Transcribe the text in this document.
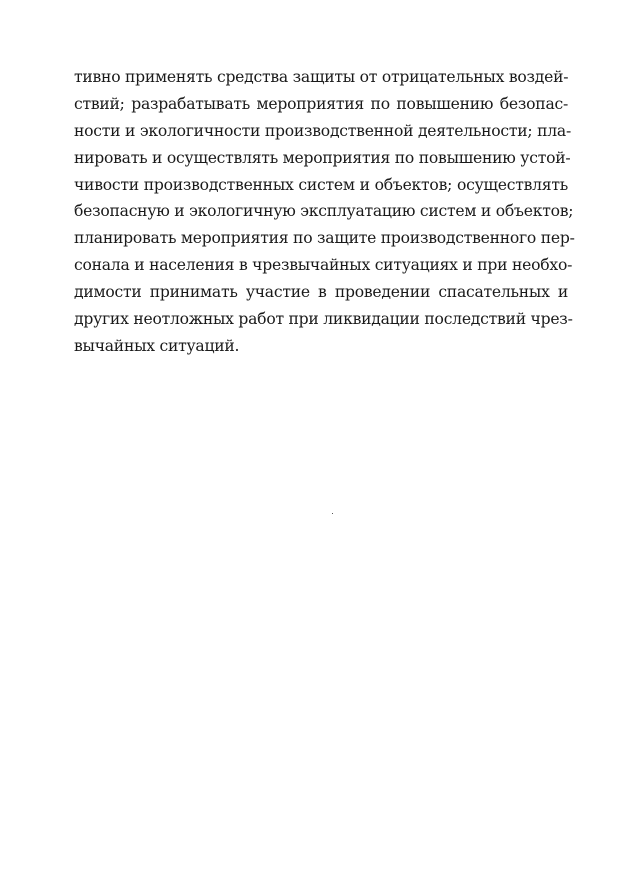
тивно применять средства защиты от отрицательных воздей-
ствий; разрабатывать мероприятия по повышению безопас-
ности и экологичности производственной деятельности; пла-
нировать и осуществлять мероприятия по повышению устой-
чивости производственных систем и объектов; осуществлять
безопасную и экологичную эксплуатацию систем и объектов;
планировать мероприятия по защите производственного пер-
сонала и населения в чрезвычайных ситуациях и при необхо-
димости принимать участие в проведении спасательных и
других неотложных работ при ликвидации последствий чрез-
вычайных ситуаций.
